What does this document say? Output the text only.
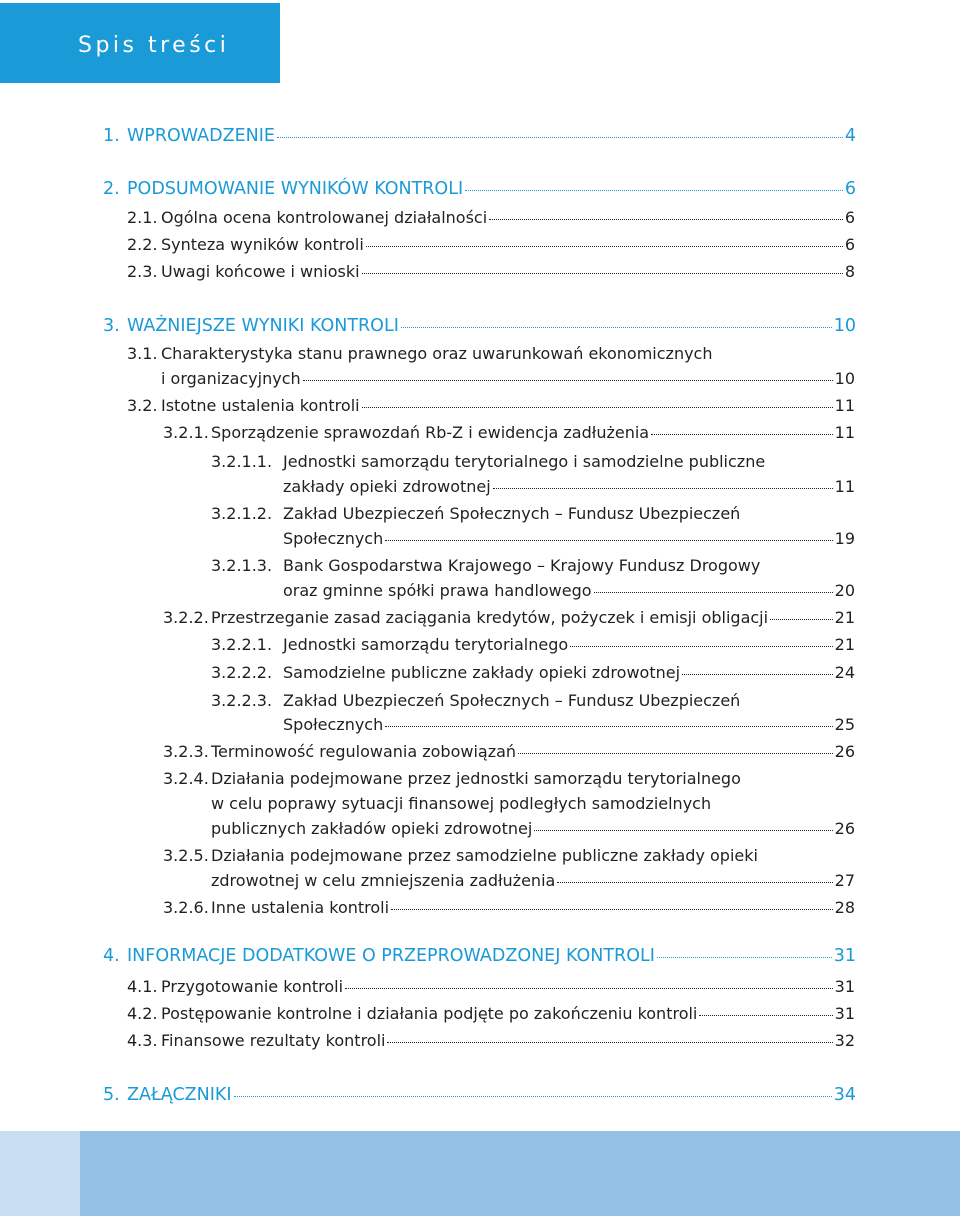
Spis treści
1. WPROWADZENIE	4
2. PODSUMOWANIE WYNIKÓW KONTROLI	6
2.1. Ogólna ocena kontrolowanej działalności	6
2.2. Synteza wyników kontroli	6
2.3. Uwagi końcowe i wnioski	8
3. WAŻNIEJSZE WYNIKI KONTROLI	10
3.1. Charakterystyka stanu prawnego oraz uwarunkowań ekonomicznych
i organizacyjnych	10
3.2. Istotne ustalenia kontroli	11
3.2.1. Sporządzenie sprawozdań Rb-Z i ewidencja zadłużenia	11
3.2.1.1. Jednostki samorządu terytorialnego i samodzielne publiczne
zakłady opieki zdrowotnej	11
3.2.1.2. Zakład Ubezpieczeń Społecznych – Fundusz Ubezpieczeń
Społecznych	19
3.2.1.3. Bank Gospodarstwa Krajowego – Krajowy Fundusz Drogowy
oraz gminne spółki prawa handlowego	20
3.2.2. Przestrzeganie zasad zaciągania kredytów, pożyczek i emisji obligacji	21
3.2.2.1. Jednostki samorządu terytorialnego	21
3.2.2.2. Samodzielne publiczne zakłady opieki zdrowotnej	24
3.2.2.3. Zakład Ubezpieczeń Społecznych – Fundusz Ubezpieczeń
Społecznych	25
3.2.3. Terminowość regulowania zobowiązań	26
3.2.4. Działania podejmowane przez jednostki samorządu terytorialnego
w celu poprawy sytuacji finansowej podległych samodzielnych
publicznych zakładów opieki zdrowotnej	26
3.2.5. Działania podejmowane przez samodzielne publiczne zakłady opieki
zdrowotnej w celu zmniejszenia zadłużenia	27
3.2.6. Inne ustalenia kontroli	28
4. INFORMACJE DODATKOWE O PRZEPROWADZONEJ KONTROLI	31
4.1. Przygotowanie kontroli	31
4.2. Postępowanie kontrolne i działania podjęte po zakończeniu kontroli	31
4.3. Finansowe rezultaty kontroli	32
5. ZAŁĄCZNIKI	34
